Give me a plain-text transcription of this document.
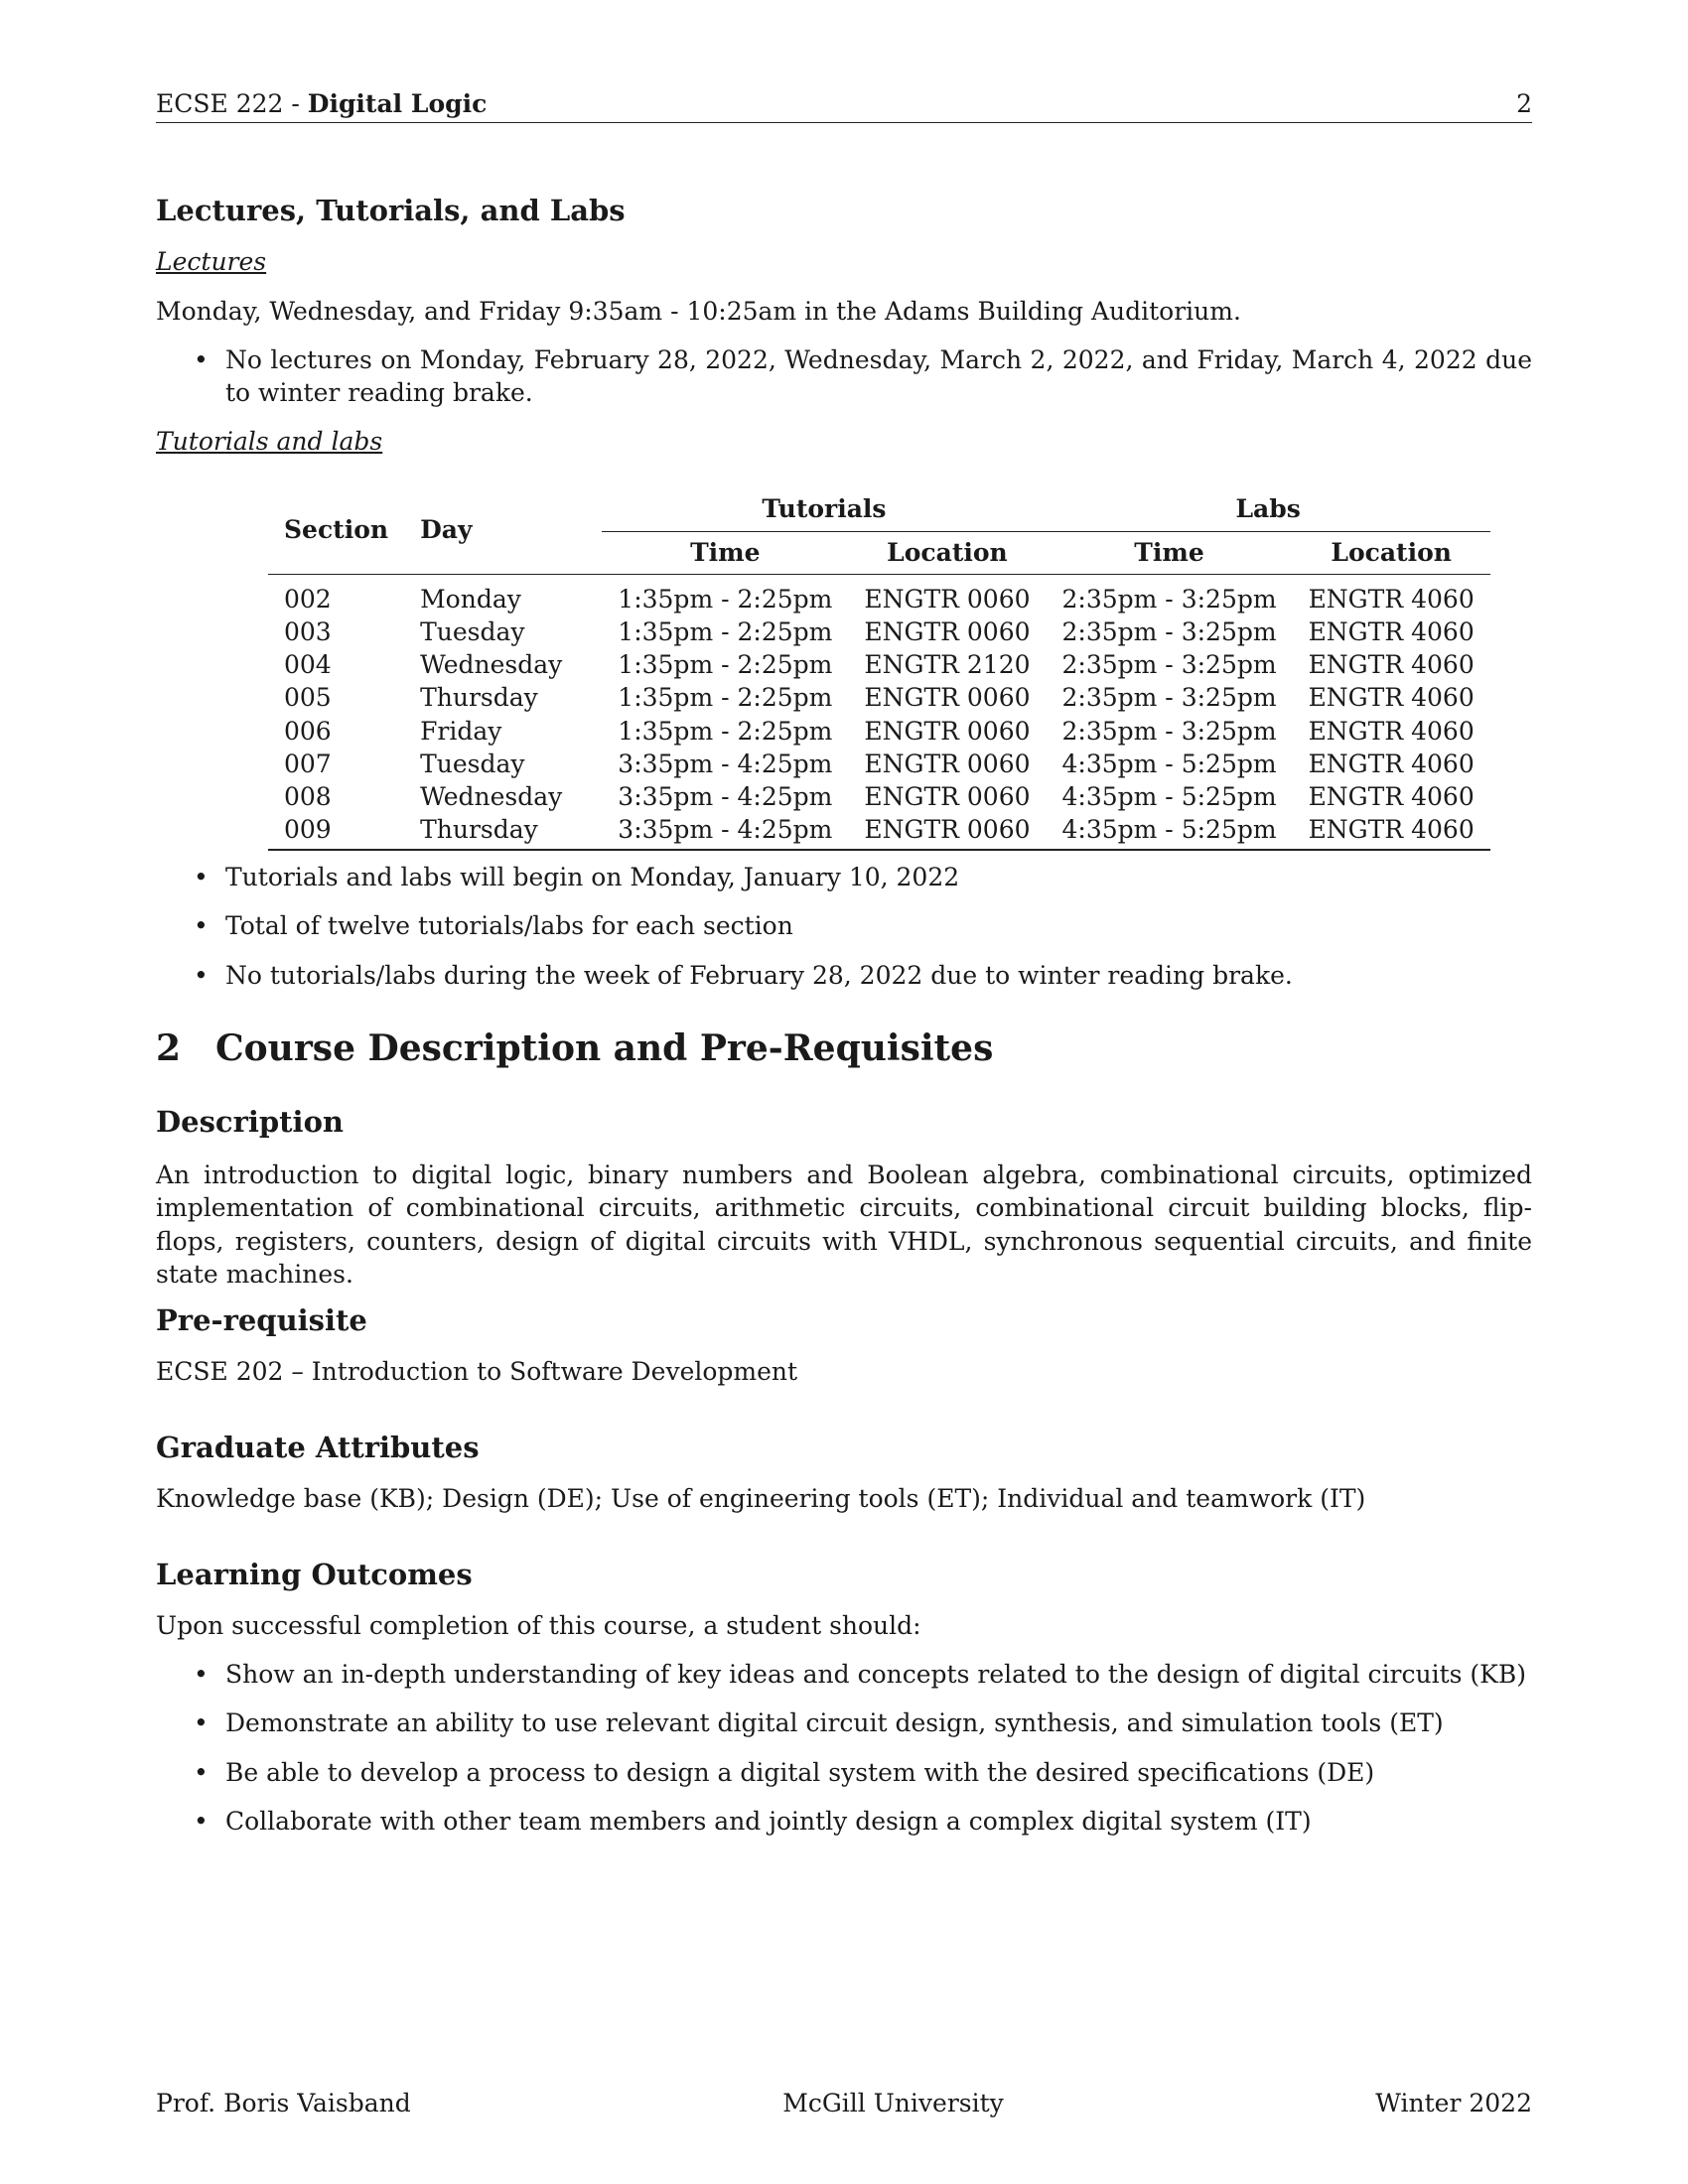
ECSE 222 - Digital Logic	2
Lectures, Tutorials, and Labs

Lectures

Monday, Wednesday, and Friday 9:35am - 10:25am in the Adams Building Auditorium.

• No lectures on Monday, February 28, 2022, Wednesday, March 2, 2022, and Friday, March 4, 2022 due to winter reading brake.

Tutorials and labs

Section	Day	Tutorials		Labs	
		Time	Location	Time	Location
002	Monday	1:35pm - 2:25pm	ENGTR 0060	2:35pm - 3:25pm	ENGTR 4060
003	Tuesday	1:35pm - 2:25pm	ENGTR 0060	2:35pm - 3:25pm	ENGTR 4060
004	Wednesday	1:35pm - 2:25pm	ENGTR 2120	2:35pm - 3:25pm	ENGTR 4060
005	Thursday	1:35pm - 2:25pm	ENGTR 0060	2:35pm - 3:25pm	ENGTR 4060
006	Friday	1:35pm - 2:25pm	ENGTR 0060	2:35pm - 3:25pm	ENGTR 4060
007	Tuesday	3:35pm - 4:25pm	ENGTR 0060	4:35pm - 5:25pm	ENGTR 4060
008	Wednesday	3:35pm - 4:25pm	ENGTR 0060	4:35pm - 5:25pm	ENGTR 4060
009	Thursday	3:35pm - 4:25pm	ENGTR 0060	4:35pm - 5:25pm	ENGTR 4060
• Tutorials and labs will begin on Monday, January 10, 2022
• Total of twelve tutorials/labs for each section
• No tutorials/labs during the week of February 28, 2022 due to winter reading brake.
2 Course Description and Pre-Requisites
Description

An introduction to digital logic, binary numbers and Boolean algebra, combinational circuits, optimized implementation of combinational circuits, arithmetic circuits, combinational circuit building blocks, flip-flops, registers, counters, design of digital circuits with VHDL, synchronous sequential circuits, and finite state machines.

Pre-requisite

ECSE 202 – Introduction to Software Development

Graduate Attributes

Knowledge base (KB); Design (DE); Use of engineering tools (ET); Individual and teamwork (IT)

Learning Outcomes

Upon successful completion of this course, a student should:

• Show an in-depth understanding of key ideas and concepts related to the design of digital circuits (KB)
• Demonstrate an ability to use relevant digital circuit design, synthesis, and simulation tools (ET)
• Be able to develop a process to design a digital system with the desired specifications (DE)
• Collaborate with other team members and jointly design a complex digital system (IT)
Prof. Boris Vaisband	McGill University	Winter 2022
